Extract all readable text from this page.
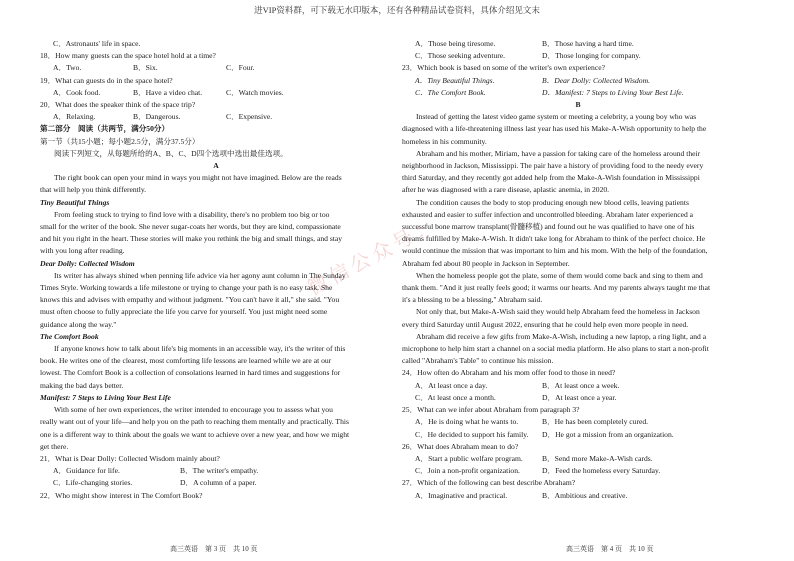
进VIP资料群，可下载无水印版本，还有各种精品试卷资料，具体介绍见文末
微信公众号：
C．Astronauts' life in space.
18．How many guests can the space hotel hold at a time?
A．Two.	B．Six.	C．Four.
19．What can guests do in the space hotel?
A．Cook food.	B．Have a video chat.	C．Watch movies.
20．What does the speaker think of the space trip?
A．Relaxing.	B．Dangerous.	C．Expensive.
第二部分　阅读（共两节，满分50分）
第一节（共15小题；每小题2.5分，满分37.5分）
阅读下列短文，从每题所给的A、B、C、D四个选项中选出最佳选项。
A
The right book can open your mind in ways you might not have imagined. Below are the reads
that will help you think differently.
Tiny Beautiful Things
From feeling stuck to trying to find love with a disability, there's no problem too big or too
small for the writer of the book. She never sugar-coats her words, but they are kind, compassionate
and hit you right in the heart. These stories will make you rethink the big and small things, and stay
with you long after reading.
Dear Dolly: Collected Wisdom
Its writer has always shined when penning life advice via her agony aunt column in The Sunday
Times Style. Working towards a life milestone or trying to change your path is no easy task. She
knows this and advises with empathy and without judgment. "You can't have it all," she said. "You
must often choose to fully appreciate the life you carve for yourself. You just might need some
guidance along the way."
The Comfort Book
If anyone knows how to talk about life's big moments in an accessible way, it's the writer of this
book. He writes one of the clearest, most comforting life lessons are learned while we are at our
lowest. The Comfort Book is a collection of consolations learned in hard times and suggestions for
making the bad days better.
Manifest: 7 Steps to Living Your Best Life
With some of her own experiences, the writer intended to encourage you to assess what you
really want out of your life—and help you on the path to reaching them mentally and practically. This
one is a different way to think about the goals we want to achieve over a new year, and how we might
get there.
21．What is Dear Dolly: Collected Wisdom mainly about?
A．Guidance for life.	B．The writer's empathy.
C．Life-changing stories.	D．A column of a paper.
22．Who might show interest in The Comfort Book?
A．Those being tiresome.	B．Those having a hard time.
C．Those seeking adventure.	D．Those longing for company.
23．Which book is based on some of the writer's own experience?
A．Tiny Beautiful Things.	B．Dear Dolly: Collected Wisdom.
C．The Comfort Book.	D．Manifest: 7 Steps to Living Your Best Life.
B
Instead of getting the latest video game system or meeting a celebrity, a young boy who was
diagnosed with a life-threatening illness last year has used his Make-A-Wish opportunity to help the
homeless in his community.
Abraham and his mother, Miriam, have a passion for taking care of the homeless around their
neighborhood in Jackson, Mississippi. The pair have a history of providing food to the needy every
third Saturday, and they recently got added help from the Make-A-Wish foundation in Mississippi
after he was diagnosed with a rare disease, aplastic anemia, in 2020.
The condition causes the body to stop producing enough new blood cells, leaving patients
exhausted and easier to suffer infection and uncontrolled bleeding. Abraham later experienced a
successful bone marrow transplant(骨髓移植) and found out he was qualified to have one of his
dreams fulfilled by Make-A-Wish. It didn't take long for Abraham to think of the perfect choice. He
would continue the mission that was important to him and his mom. With the help of the foundation,
Abraham fed about 80 people in Jackson in September.
When the homeless people got the plate, some of them would come back and sing to them and
thank them. "And it just really feels good; it warms our hearts. And my parents always taught me that
it's a blessing to be a blessing," Abraham said.
Not only that, but Make-A-Wish said they would help Abraham feed the homeless in Jackson
every third Saturday until August 2022, ensuring that he could help even more people in need.
Abraham did receive a few gifts from Make-A-Wish, including a new laptop, a ring light, and a
microphone to help him start a channel on a social media platform. He also plans to start a non-profit
called "Abraham's Table" to continue his mission.
24．How often do Abraham and his mom offer food to those in need?
A．At least once a day.	B．At least once a week.
C．At least once a month.	D．At least once a year.
25．What can we infer about Abraham from paragraph 3?
A．He is doing what he wants to.	B．He has been completely cured.
C．He decided to support his family.	D．He got a mission from an organization.
26．What does Abraham mean to do?
A．Start a public welfare program.	B．Send more Make-A-Wish cards.
C．Join a non-profit organization.	D．Feed the homeless every Saturday.
27．Which of the following can best describe Abraham?
A．Imaginative and practical.	B．Ambitious and creative.
高三英语　第 3 页　共 10 页	高三英语　第 4 页　共 10 页
